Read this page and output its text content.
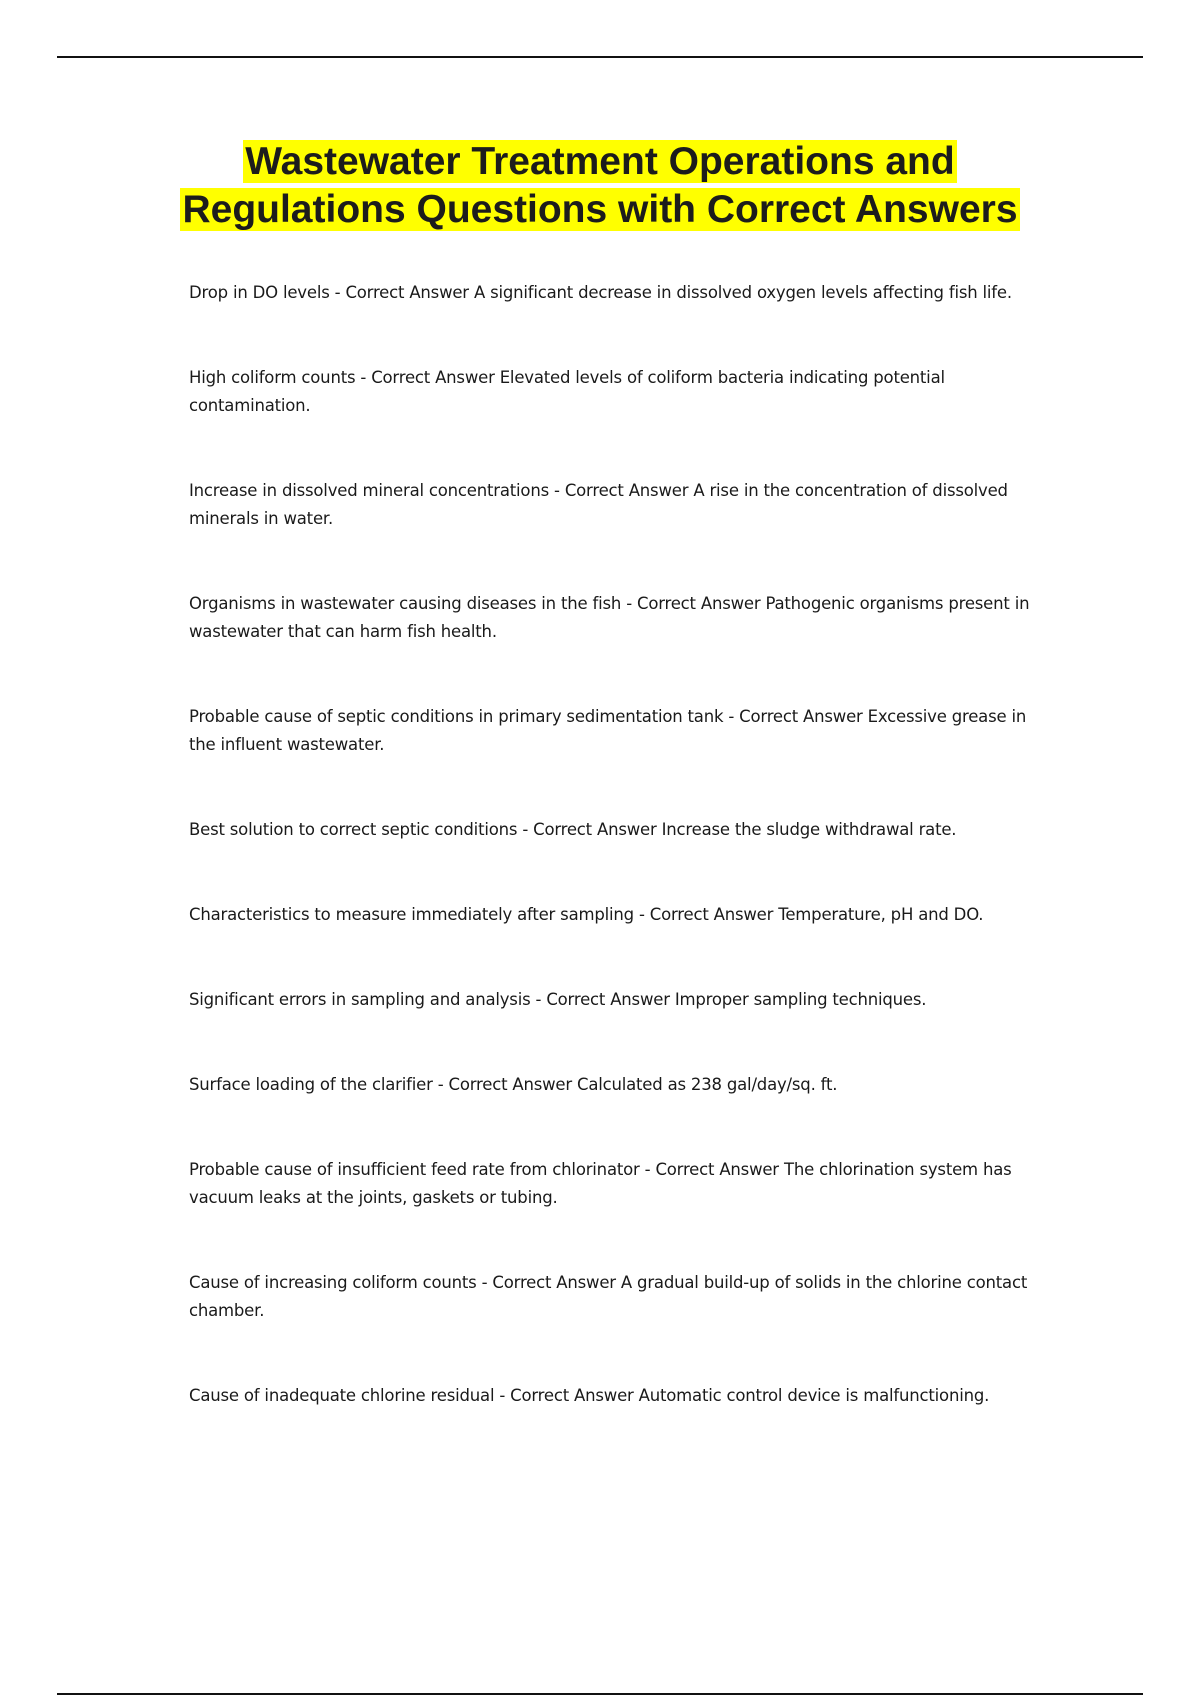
Wastewater Treatment Operations and Regulations Questions with Correct Answers
Drop in DO levels - Correct Answer A significant decrease in dissolved oxygen levels affecting fish life.
High coliform counts - Correct Answer Elevated levels of coliform bacteria indicating potential contamination.
Increase in dissolved mineral concentrations - Correct Answer A rise in the concentration of dissolved minerals in water.
Organisms in wastewater causing diseases in the fish - Correct Answer Pathogenic organisms present in wastewater that can harm fish health.
Probable cause of septic conditions in primary sedimentation tank - Correct Answer Excessive grease in the influent wastewater.
Best solution to correct septic conditions - Correct Answer Increase the sludge withdrawal rate.
Characteristics to measure immediately after sampling - Correct Answer Temperature, pH and DO.
Significant errors in sampling and analysis - Correct Answer Improper sampling techniques.
Surface loading of the clarifier - Correct Answer Calculated as 238 gal/day/sq. ft.
Probable cause of insufficient feed rate from chlorinator - Correct Answer The chlorination system has vacuum leaks at the joints, gaskets or tubing.
Cause of increasing coliform counts - Correct Answer A gradual build-up of solids in the chlorine contact chamber.
Cause of inadequate chlorine residual - Correct Answer Automatic control device is malfunctioning.
